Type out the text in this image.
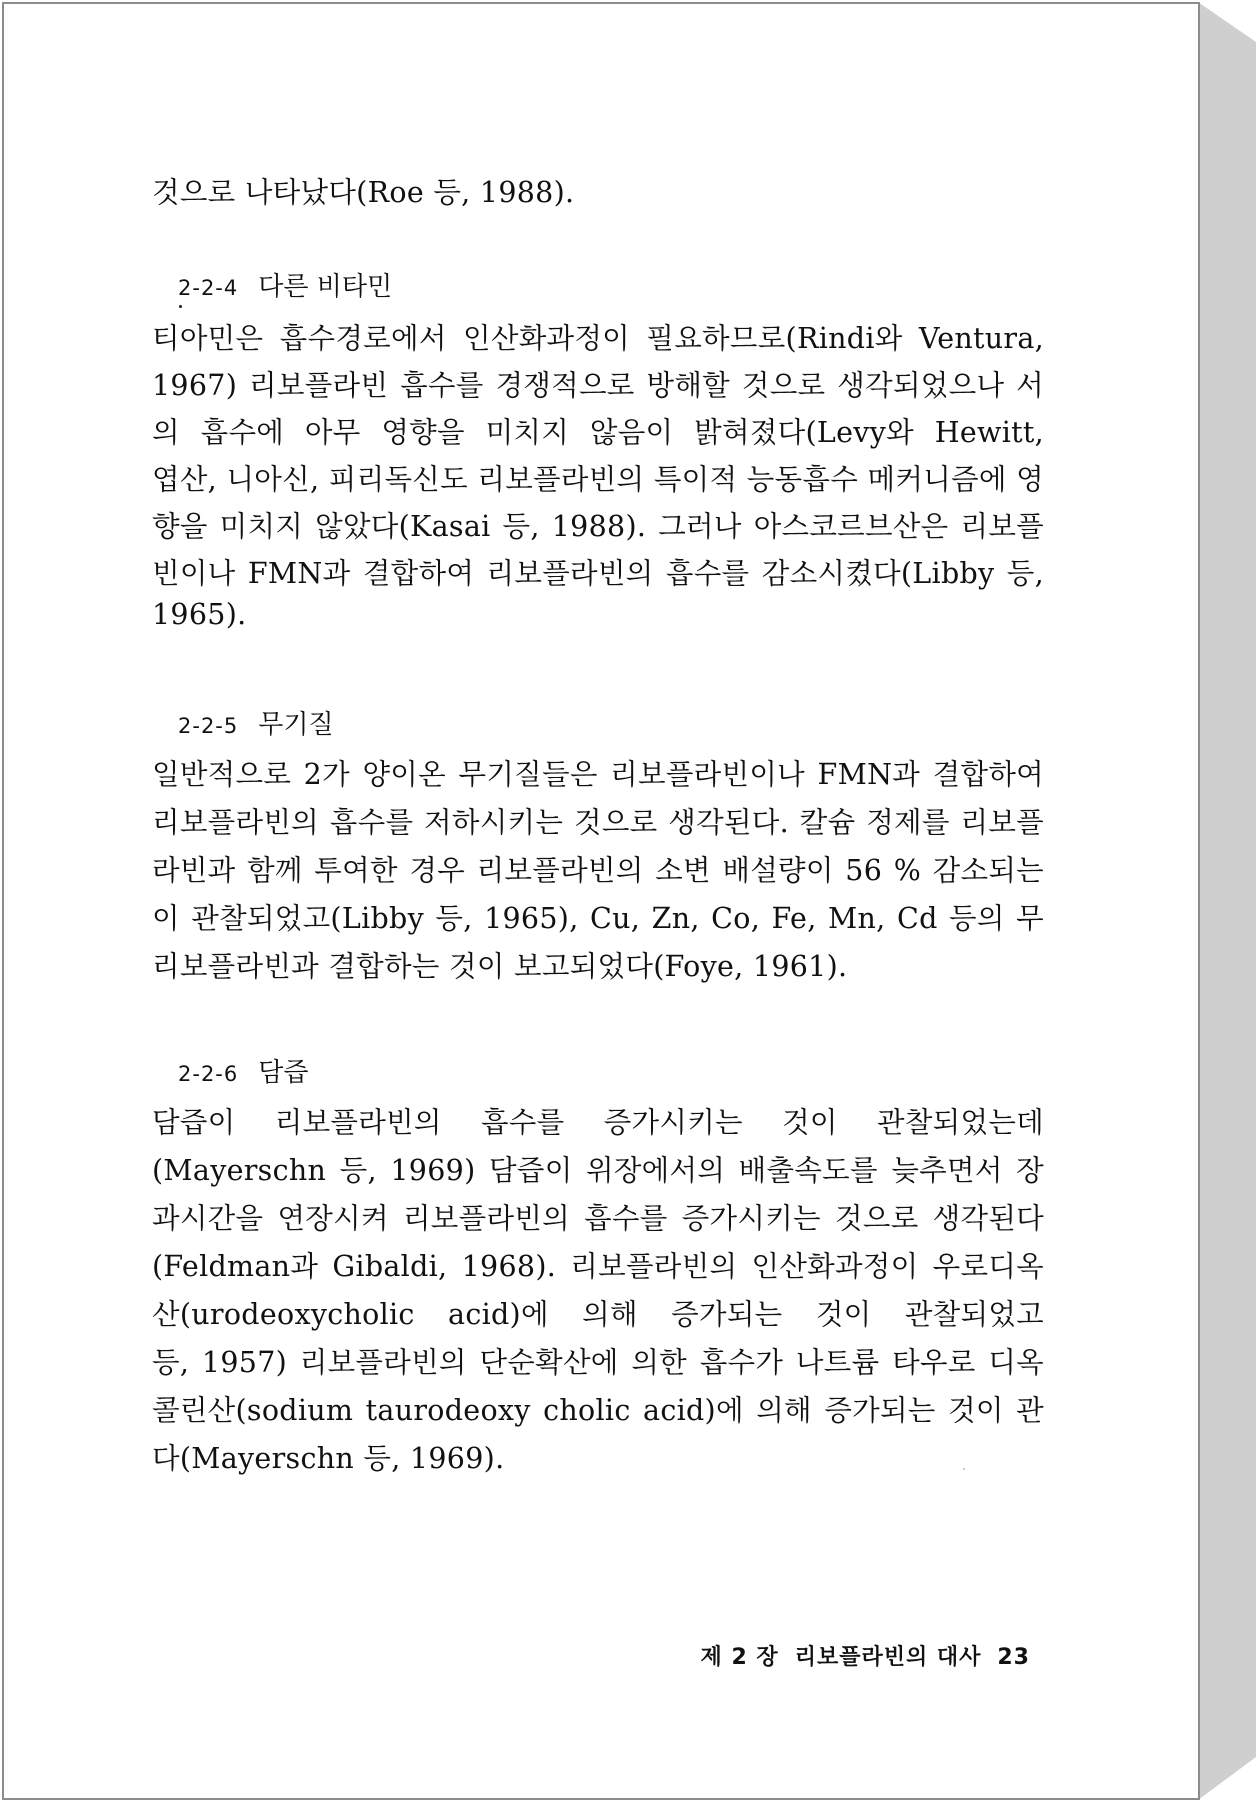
것으로 나타났다(Roe 등, 1988).
2-2-4 다른 비타민
티아민은 흡수경로에서 인산화과정이 필요하므로(Rindi와 Ventura,
1967) 리보플라빈 흡수를 경쟁적으로 방해할 것으로 생각되었으나 서
의 흡수에 아무 영향을 미치지 않음이 밝혀졌다(Levy와 Hewitt,
엽산, 니아신, 피리독신도 리보플라빈의 특이적 능동흡수 메커니즘에 영
향을 미치지 않았다(Kasai 등, 1988). 그러나 아스코르브산은 리보플
빈이나 FMN과 결합하여 리보플라빈의 흡수를 감소시켰다(Libby 등,
1965).
2-2-5 무기질
일반적으로 2가 양이온 무기질들은 리보플라빈이나 FMN과 결합하여
리보플라빈의 흡수를 저하시키는 것으로 생각된다. 칼슘 정제를 리보플
라빈과 함께 투여한 경우 리보플라빈의 소변 배설량이 56 % 감소되는
이 관찰되었고(Libby 등, 1965), Cu, Zn, Co, Fe, Mn, Cd 등의 무
리보플라빈과 결합하는 것이 보고되었다(Foye, 1961).
2-2-6 담즙
담즙이 리보플라빈의 흡수를 증가시키는 것이 관찰되었는데
(Mayerschn 등, 1969) 담즙이 위장에서의 배출속도를 늦추면서 장
과시간을 연장시켜 리보플라빈의 흡수를 증가시키는 것으로 생각된다
(Feldman과 Gibaldi, 1968). 리보플라빈의 인산화과정이 우로디옥
산(urodeoxycholic acid)에 의해 증가되는 것이 관찰되었고
등, 1957) 리보플라빈의 단순확산에 의한 흡수가 나트륨 타우로 디옥
콜린산(sodium taurodeoxy cholic acid)에 의해 증가되는 것이 관
다(Mayerschn 등, 1969).
제 2 장 리보플라빈의 대사 23
